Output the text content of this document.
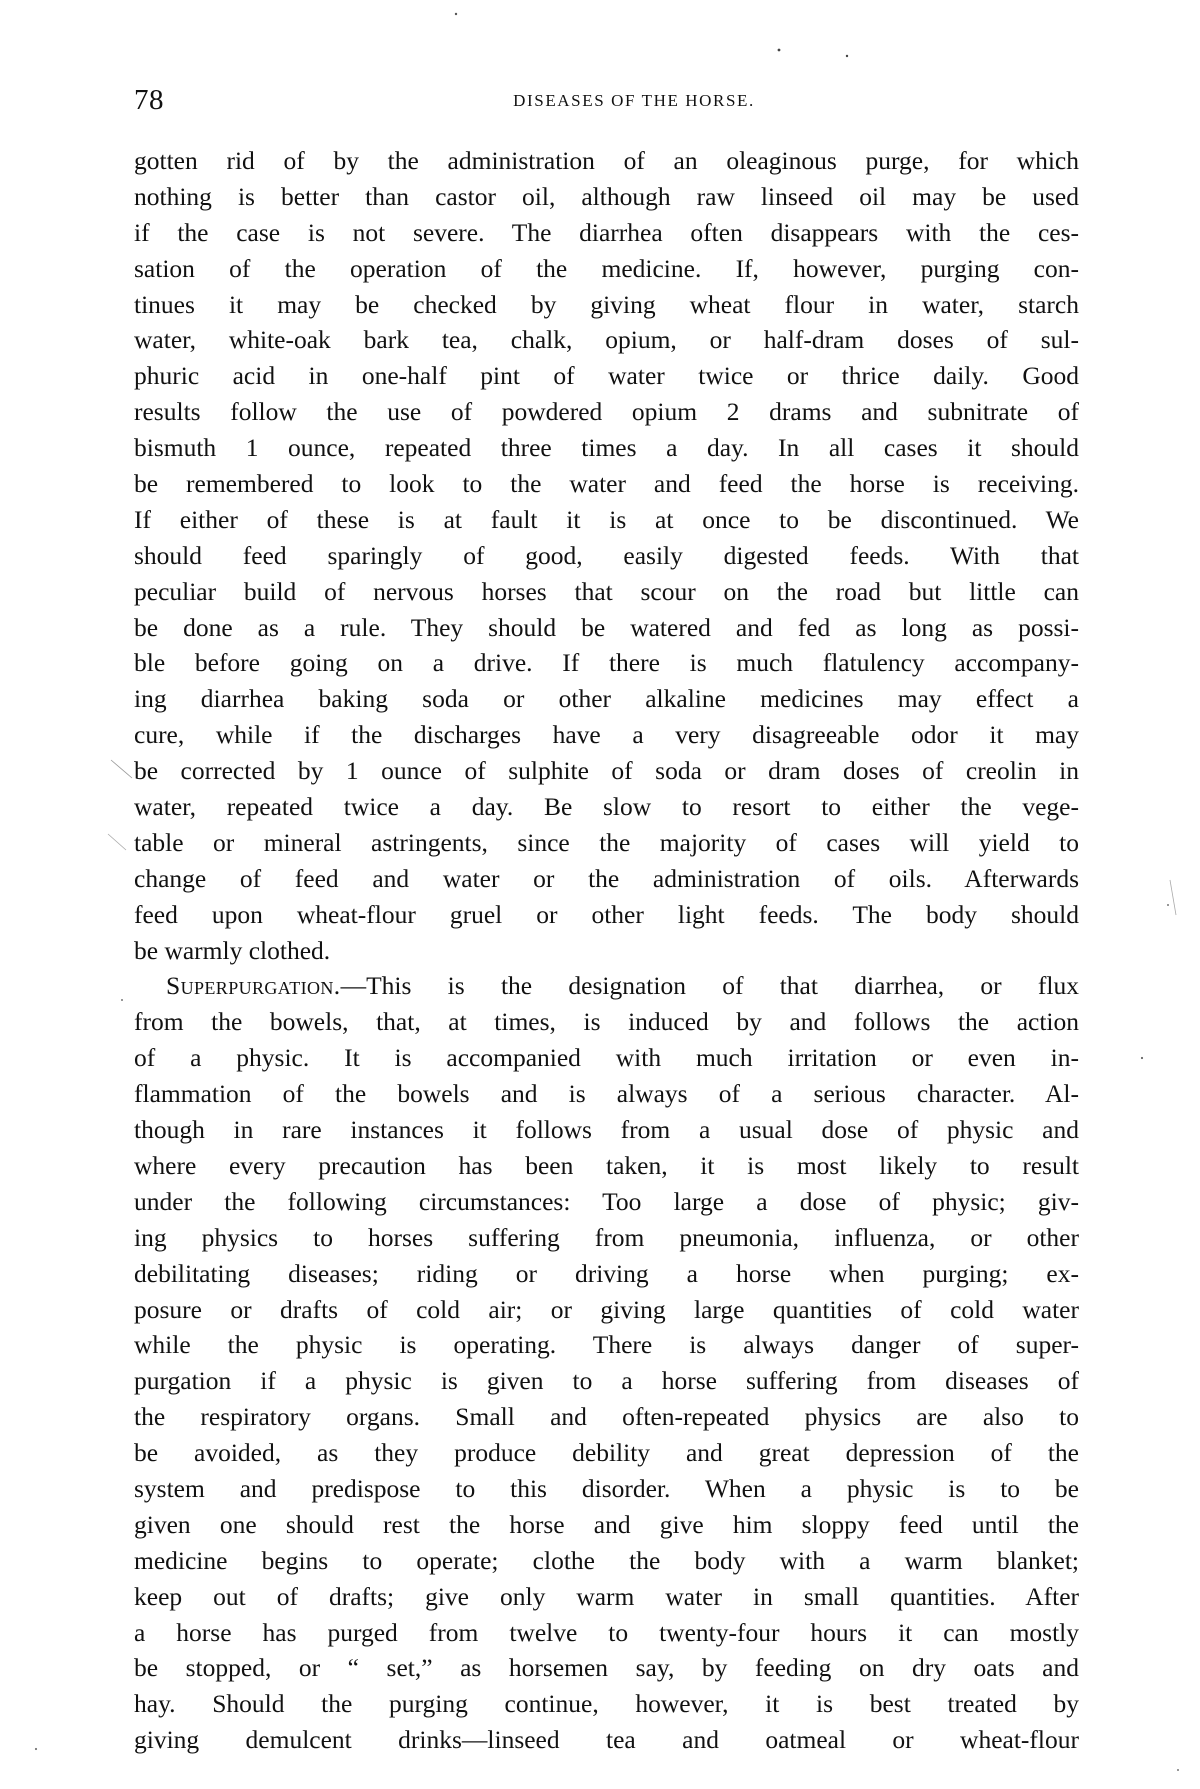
78	DISEASES OF THE HORSE.
gotten rid of by the administration of an oleaginous purge, for which
nothing is better than castor oil, although raw linseed oil may be used
if the case is not severe. The diarrhea often disappears with the ces-
sation of the operation of the medicine. If, however, purging con-
tinues it may be checked by giving wheat flour in water, starch
water, white-oak bark tea, chalk, opium, or half-dram doses of sul-
phuric acid in one-half pint of water twice or thrice daily. Good
results follow the use of powdered opium 2 drams and subnitrate of
bismuth 1 ounce, repeated three times a day. In all cases it should
be remembered to look to the water and feed the horse is receiving.
If either of these is at fault it is at once to be discontinued. We
should feed sparingly of good, easily digested feeds. With that
peculiar build of nervous horses that scour on the road but little can
be done as a rule. They should be watered and fed as long as possi-
ble before going on a drive. If there is much flatulency accompany-
ing diarrhea baking soda or other alkaline medicines may effect a
cure, while if the discharges have a very disagreeable odor it may
be corrected by 1 ounce of sulphite of soda or dram doses of creolin in
water, repeated twice a day. Be slow to resort to either the vege-
table or mineral astringents, since the majority of cases will yield to
change of feed and water or the administration of oils. Afterwards
feed upon wheat-flour gruel or other light feeds. The body should
be warmly clothed.
Superpurgation.—This is the designation of that diarrhea, or flux
from the bowels, that, at times, is induced by and follows the action
of a physic. It is accompanied with much irritation or even in-
flammation of the bowels and is always of a serious character. Al-
though in rare instances it follows from a usual dose of physic and
where every precaution has been taken, it is most likely to result
under the following circumstances: Too large a dose of physic; giv-
ing physics to horses suffering from pneumonia, influenza, or other
debilitating diseases; riding or driving a horse when purging; ex-
posure or drafts of cold air; or giving large quantities of cold water
while the physic is operating. There is always danger of super-
purgation if a physic is given to a horse suffering from diseases of
the respiratory organs. Small and often-repeated physics are also to
be avoided, as they produce debility and great depression of the
system and predispose to this disorder. When a physic is to be
given one should rest the horse and give him sloppy feed until the
medicine begins to operate; clothe the body with a warm blanket;
keep out of drafts; give only warm water in small quantities. After
a horse has purged from twelve to twenty-four hours it can mostly
be stopped, or “ set,” as horsemen say, by feeding on dry oats and
hay. Should the purging continue, however, it is best treated by
giving demulcent drinks—linseed tea and oatmeal or wheat-flour
